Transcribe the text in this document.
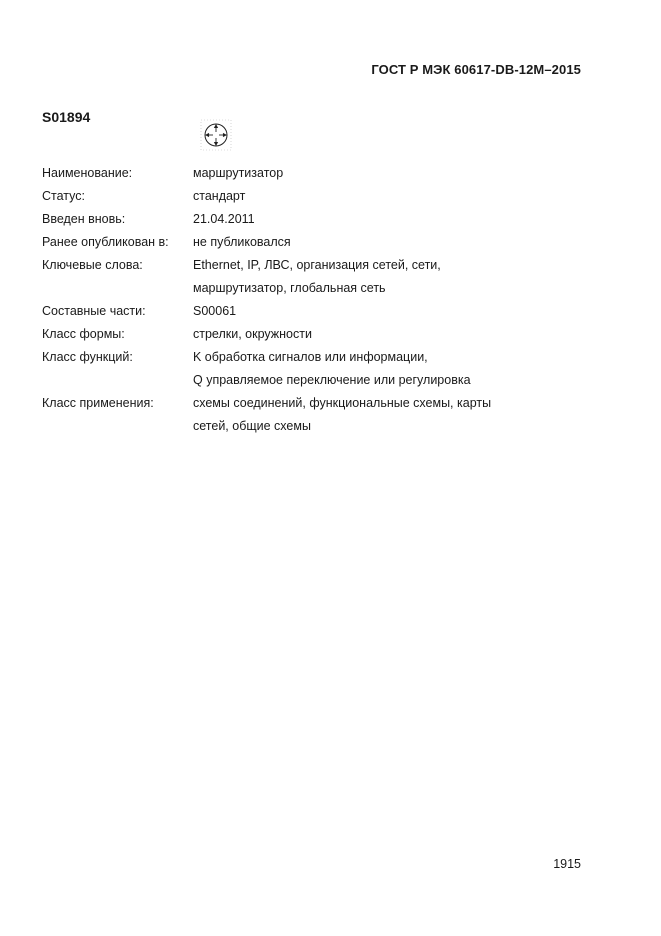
ГОСТ Р МЭК 60617-DB-12M–2015
S01894
Наименование:	маршрутизатор
Статус:	стандарт
Введен вновь:	21.04.2011
Ранее опубликован в:	не публиковался
Ключевые слова:	Ethernet, IP, ЛВС, организация сетей, сети,
маршрутизатор, глобальная сеть
Составные части:	S00061
Класс формы:	стрелки, окружности
Класс функций:	K обработка сигналов или информации,
Q управляемое переключение или регулировка
Класс применения:	схемы соединений, функциональные схемы, карты
сетей, общие схемы
1915
